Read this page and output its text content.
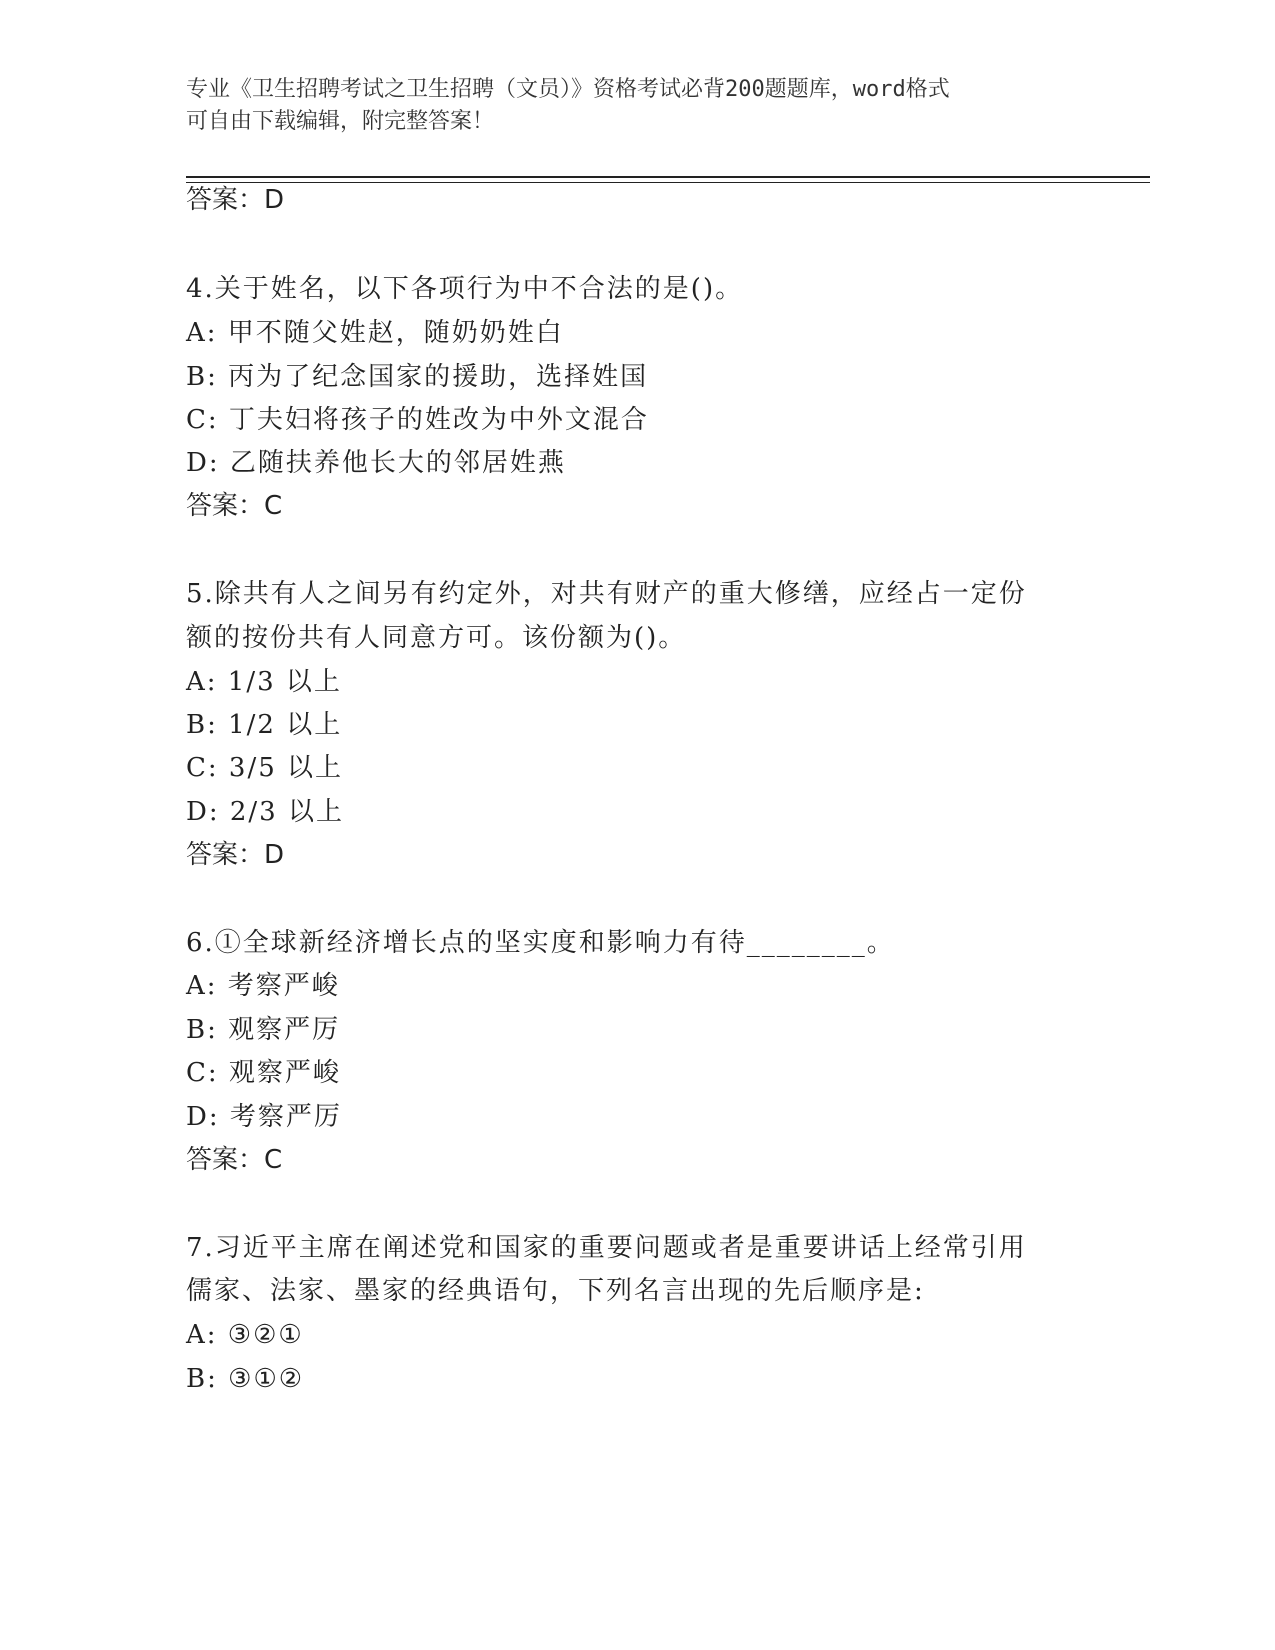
专业《卫生招聘考试之卫生招聘（文员）》资格考试必背200题题库，word格式

可自由下载编辑，附完整答案！

答案：D
4.关于姓名，以下各项行为中不合法的是()。
A: 甲不随父姓赵，随奶奶姓白
B: 丙为了纪念国家的援助，选择姓国
C: 丁夫妇将孩子的姓改为中外文混合
D: 乙随扶养他长大的邻居姓燕
答案：C
5.除共有人之间另有约定外，对共有财产的重大修缮，应经占一定份
额的按份共有人同意方可。该份额为()。
A: 1/3 以上
B: 1/2 以上
C: 3/5 以上
D: 2/3 以上
答案：D
6.①全球新经济增长点的坚实度和影响力有待________。
A: 考察严峻
B: 观察严厉
C: 观察严峻
D: 考察严厉
答案：C
7.习近平主席在阐述党和国家的重要问题或者是重要讲话上经常引用
儒家、法家、墨家的经典语句，下列名言出现的先后顺序是:
A: ③②①
B: ③①②
